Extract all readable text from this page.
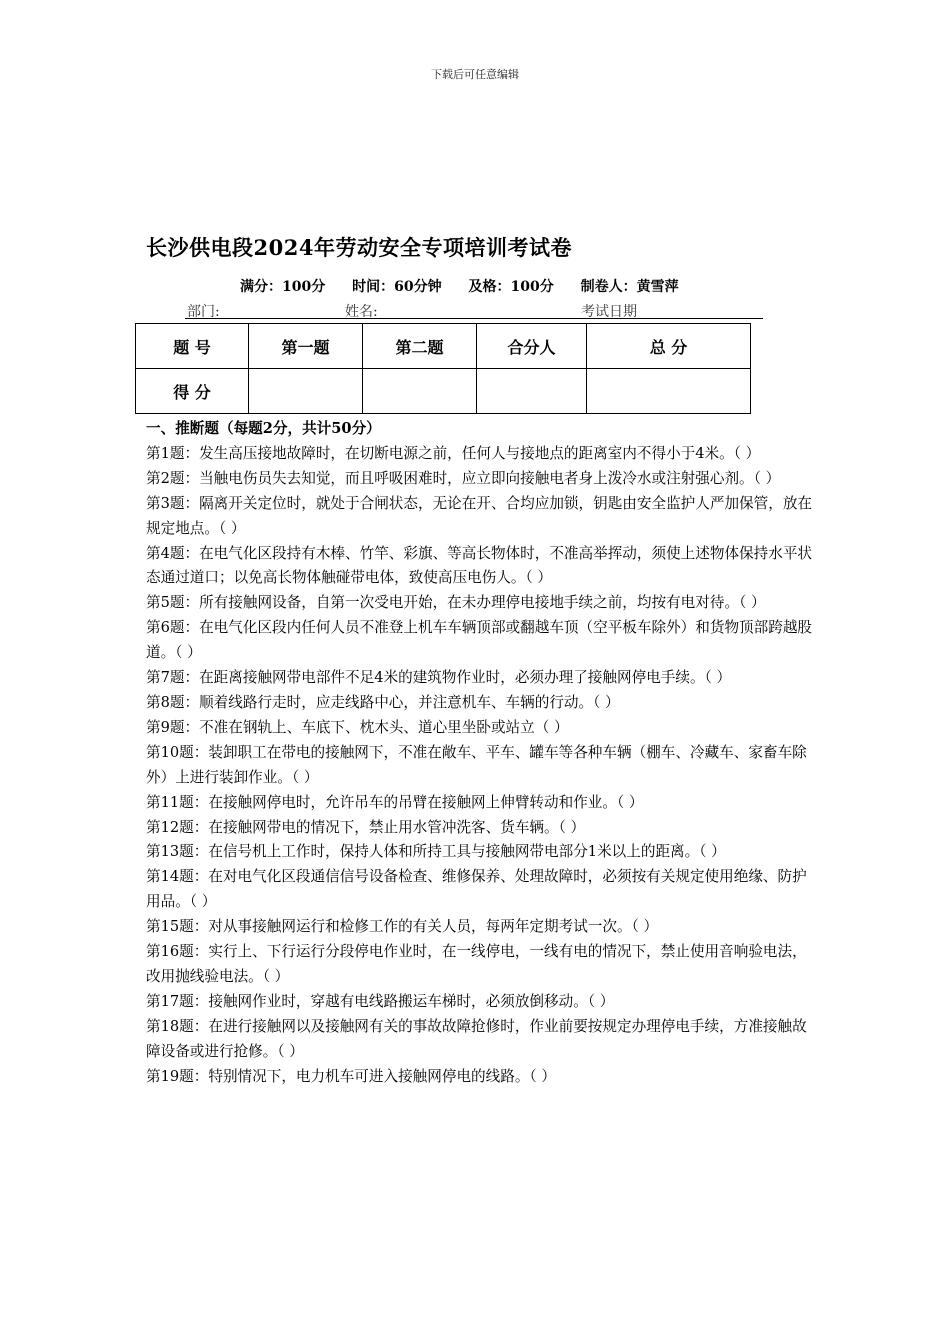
下载后可任意编辑
长沙供电段2024年劳动安全专项培训考试卷
满分：100分 时间：60分钟 及格：100分 制卷人：黄雪萍
部门:	姓名:	考试日期
题 号	第一题	第二题	合分人	总 分
得 分				
一、推断题（每题2分，共计50分）

第1题：发生高压接地故障时，在切断电源之前，任何人与接地点的距离室内不得小于4米。（ ）

第2题：当触电伤员失去知觉，而且呼吸困难时，应立即向接触电者身上泼冷水或注射强心剂。（ ）

第3题：隔离开关定位时，就处于合闸状态，无论在开、合均应加锁，钥匙由安全监护人严加保管，放在规定地点。（ ）

第4题：在电气化区段持有木棒、竹竿、彩旗、等高长物体时，不准高举挥动，须使上述物体保持水平状态通过道口；以免高长物体触碰带电体，致使高压电伤人。（ ）

第5题：所有接触网设备，自第一次受电开始，在未办理停电接地手续之前，均按有电对待。（ ）

第6题：在电气化区段内任何人员不准登上机车车辆顶部或翻越车顶（空平板车除外）和货物顶部跨越股道。（ ）

第7题：在距离接触网带电部件不足4米的建筑物作业时，必须办理了接触网停电手续。（ ）

第8题：顺着线路行走时，应走线路中心，并注意机车、车辆的行动。（ ）

第9题：不准在钢轨上、车底下、枕木头、道心里坐卧或站立（ ）

第10题：装卸职工在带电的接触网下，不准在敞车、平车、罐车等各种车辆（棚车、冷藏车、家畜车除外）上进行装卸作业。（ ）

第11题：在接触网停电时，允许吊车的吊臂在接触网上伸臂转动和作业。（ ）

第12题：在接触网带电的情况下，禁止用水管冲洗客、货车辆。（ ）

第13题：在信号机上工作时，保持人体和所持工具与接触网带电部分1米以上的距离。（ ）

第14题：在对电气化区段通信信号设备检查、维修保养、处理故障时，必须按有关规定使用绝缘、防护用品。（ ）

第15题：对从事接触网运行和检修工作的有关人员，每两年定期考试一次。（ ）

第16题：实行上、下行运行分段停电作业时，在一线停电，一线有电的情况下，禁止使用音响验电法，改用抛线验电法。（ ）

第17题：接触网作业时，穿越有电线路搬运车梯时，必须放倒移动。（ ）

第18题：在进行接触网以及接触网有关的事故故障抢修时，作业前要按规定办理停电手续，方准接触故障设备或进行抢修。（ ）

第19题：特别情况下，电力机车可进入接触网停电的线路。（ ）
